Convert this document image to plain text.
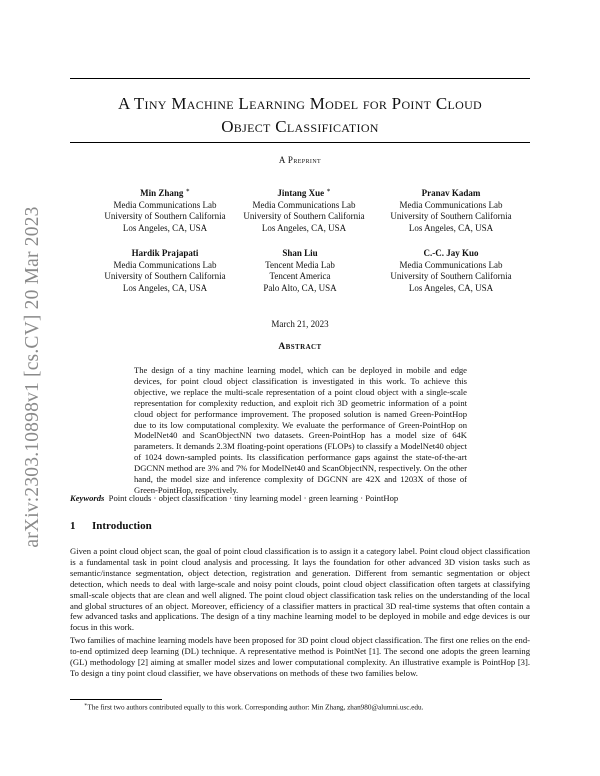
arXiv:2303.10898v1 [cs.CV] 20 Mar 2023
A Tiny Machine Learning Model for Point Cloud
Object Classification
A Preprint
Min Zhang ∗
Media Communications Lab
University of Southern California
Los Angeles, CA, USA
Jintang Xue ∗
Media Communications Lab
University of Southern California
Los Angeles, CA, USA
Pranav Kadam
Media Communications Lab
University of Southern California
Los Angeles, CA, USA
Hardik Prajapati
Media Communications Lab
University of Southern California
Los Angeles, CA, USA
Shan Liu
Tencent Media Lab
Tencent America
Palo Alto, CA, USA
C.-C. Jay Kuo
Media Communications Lab
University of Southern California
Los Angeles, CA, USA
March 21, 2023
Abstract
The design of a tiny machine learning model, which can be deployed in mobile and edge devices, for point cloud object classification is investigated in this work. To achieve this objective, we replace the multi-scale representation of a point cloud object with a single-scale representation for complexity reduction, and exploit rich 3D geometric information of a point cloud object for performance improvement. The proposed solution is named Green-PointHop due to its low computational complexity. We evaluate the performance of Green-PointHop on ModelNet40 and ScanObjectNN two datasets. Green-PointHop has a model size of 64K parameters. It demands 2.3M floating-point operations (FLOPs) to classify a ModelNet40 object of 1024 down-sampled points. Its classification performance gaps against the state-of-the-art DGCNN method are 3% and 7% for ModelNet40 and ScanObjectNN, respectively. On the other hand, the model size and inference complexity of DGCNN are 42X and 1203X of those of Green-PointHop, respectively.
Keywords Point clouds · object classification · tiny learning model · green learning · PointHop
1 Introduction
Given a point cloud object scan, the goal of point cloud classification is to assign it a category label. Point cloud object classification is a fundamental task in point cloud analysis and processing. It lays the foundation for other advanced 3D vision tasks such as semantic/instance segmentation, object detection, registration and generation. Different from semantic segmentation or object detection, which needs to deal with large-scale and noisy point clouds, point cloud object classification often targets at classifying small-scale objects that are clean and well aligned. The point cloud object classification task relies on the understanding of the local and global structures of an object. Moreover, efficiency of a classifier matters in practical 3D real-time systems that often contain a few advanced tasks and applications. The design of a tiny machine learning model to be deployed in mobile and edge devices is our focus in this work.
Two families of machine learning models have been proposed for 3D point cloud object classification. The first one relies on the end-to-end optimized deep learning (DL) technique. A representative method is PointNet [1]. The second one adopts the green learning (GL) methodology [2] aiming at smaller model sizes and lower computational complexity. An illustrative example is PointHop [3]. To design a tiny point cloud classifier, we have observations on methods of these two families below.
∗The first two authors contributed equally to this work. Corresponding author: Min Zhang, zhan980@alumni.usc.edu.
